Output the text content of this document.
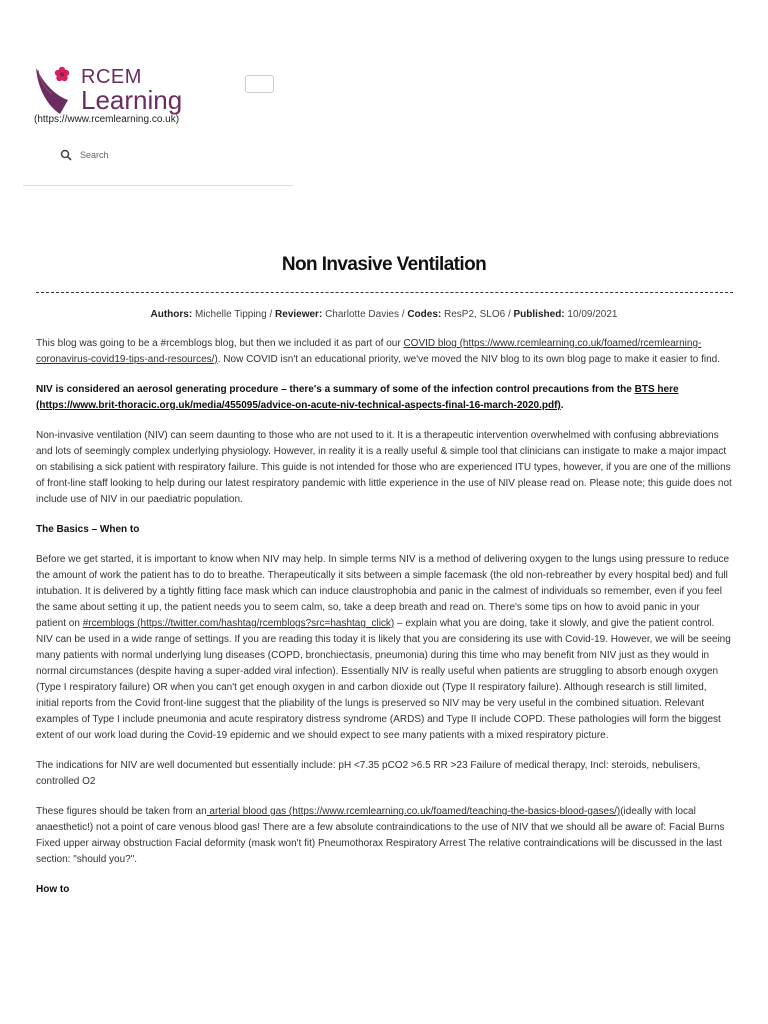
RCEM
Learning
(https://www.rcemlearning.co.uk)
Search
Non Invasive Ventilation
Authors: Michelle Tipping / Reviewer: Charlotte Davies / Codes: ResP2, SLO6 / Published: 10/09/2021

This blog was going to be a #rcemblogs blog, but then we included it as part of our COVID blog (https://www.rcemlearning.co.uk/foamed/rcemlearning-coronavirus-covid19-tips-and-resources/). Now COVID isn't an educational priority, we've moved the NIV blog to its own blog page to make it easier to find.

NIV is considered an aerosol generating procedure – there's a summary of some of the infection control precautions from the BTS here (https://www.brit-thoracic.org.uk/media/455095/advice-on-acute-niv-technical-aspects-final-16-march-2020.pdf).

Non-invasive ventilation (NIV) can seem daunting to those who are not used to it. It is a therapeutic intervention overwhelmed with confusing abbreviations and lots of seemingly complex underlying physiology. However, in reality it is a really useful & simple tool that clinicians can instigate to make a major impact on stabilising a sick patient with respiratory failure. This guide is not intended for those who are experienced ITU types, however, if you are one of the millions of front-line staff looking to help during our latest respiratory pandemic with little experience in the use of NIV please read on. Please note; this guide does not include use of NIV in our paediatric population.

The Basics – When to

Before we get started, it is important to know when NIV may help. In simple terms NIV is a method of delivering oxygen to the lungs using pressure to reduce the amount of work the patient has to do to breathe. Therapeutically it sits between a simple facemask (the old non-rebreather by every hospital bed) and full intubation. It is delivered by a tightly fitting face mask which can induce claustrophobia and panic in the calmest of individuals so remember, even if you feel the same about setting it up, the patient needs you to seem calm, so, take a deep breath and read on. There's some tips on how to avoid panic in your patient on #rcemblogs (https://twitter.com/hashtag/rcemblogs?src=hashtag_click) – explain what you are doing, take it slowly, and give the patient control. NIV can be used in a wide range of settings. If you are reading this today it is likely that you are considering its use with Covid-19. However, we will be seeing many patients with normal underlying lung diseases (COPD, bronchiectasis, pneumonia) during this time who may benefit from NIV just as they would in normal circumstances (despite having a super-added viral infection). Essentially NIV is really useful when patients are struggling to absorb enough oxygen (Type I respiratory failure) OR when you can't get enough oxygen in and carbon dioxide out (Type II respiratory failure). Although research is still limited, initial reports from the Covid front-line suggest that the pliability of the lungs is preserved so NIV may be very useful in the combined situation. Relevant examples of Type I include pneumonia and acute respiratory distress syndrome (ARDS) and Type II include COPD. These pathologies will form the biggest extent of our work load during the Covid-19 epidemic and we should expect to see many patients with a mixed respiratory picture.

The indications for NIV are well documented but essentially include: pH <7.35 pCO2 >6.5 RR >23 Failure of medical therapy, Incl: steroids, nebulisers, controlled O2

These figures should be taken from an arterial blood gas (https://www.rcemlearning.co.uk/foamed/teaching-the-basics-blood-gases/)(ideally with local anaesthetic!) not a point of care venous blood gas! There are a few absolute contraindications to the use of NIV that we should all be aware of: Facial Burns Fixed upper airway obstruction Facial deformity (mask won't fit) Pneumothorax Respiratory Arrest The relative contraindications will be discussed in the last section: "should you?".

How to
